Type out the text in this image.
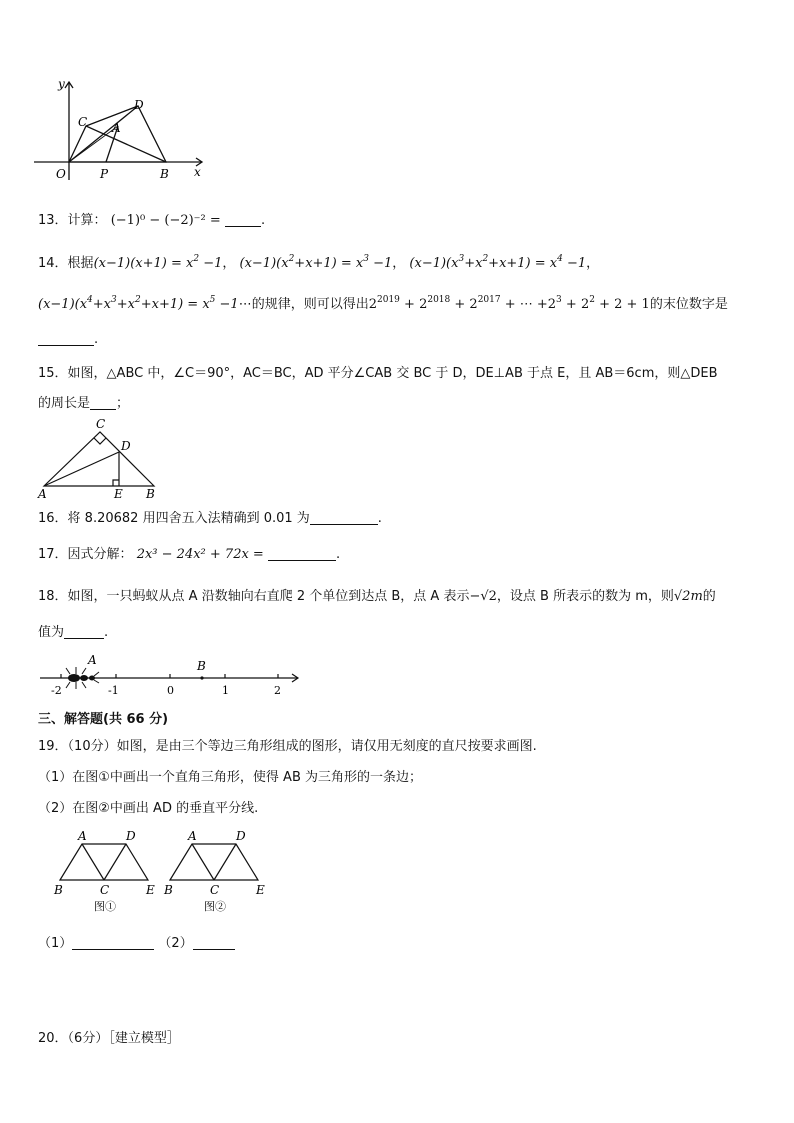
y
x
O	P	B
C A
D
13．计算： (−1)⁰ − (−2)⁻² =	.
14．根据$(x-1)(x+1) = x^2 -1$， $(x-1)(x^2+x+1) = x^3 -1$， $(x-1)(x^3+x^2+x+1) = x^4 -1$，
$(x-1)(x^4+x^3+x^2+x+1) = x^5$ −1⋯的规律，则可以得出$2^{2019} + 2^{2018} + 2^{2017}$ + ⋯ $+2^3 + 2^2 + 2 + 1$的末位数字是
.
15．如图，△ABC 中，∠C＝90°，AC＝BC，AD 平分∠CAB 交 BC 于 D，DE⊥AB 于点 E，且 AB＝6cm，则△DEB
的周长是 ；
C
D
A	E B
16．将 8.20682 用四舍五入法精确到 0.01 为	.
17．因式分解： 2x³ − 24x² + 72x =	.
18．如图，一只蚂蚁从点 A 沿数轴向右直爬 2 个单位到达点 B，点 A 表示−√2，设点 B 所表示的数为 m，则√2m的
值为	.
A	B
-2	-1	0	1	2
三、解答题(共 66 分)
19．（10分）如图，是由三个等边三角形组成的图形，请仅用无刻度的直尺按要求画图.
（1）在图①中画出一个直角三角形，使得 AB 为三角形的一条边；
（2）在图②中画出 AD 的垂直平分线.
A	D
B	C	E
图①
A	D
B	C	E
图②
（1）	（2）
20．（6分）［建立模型］
